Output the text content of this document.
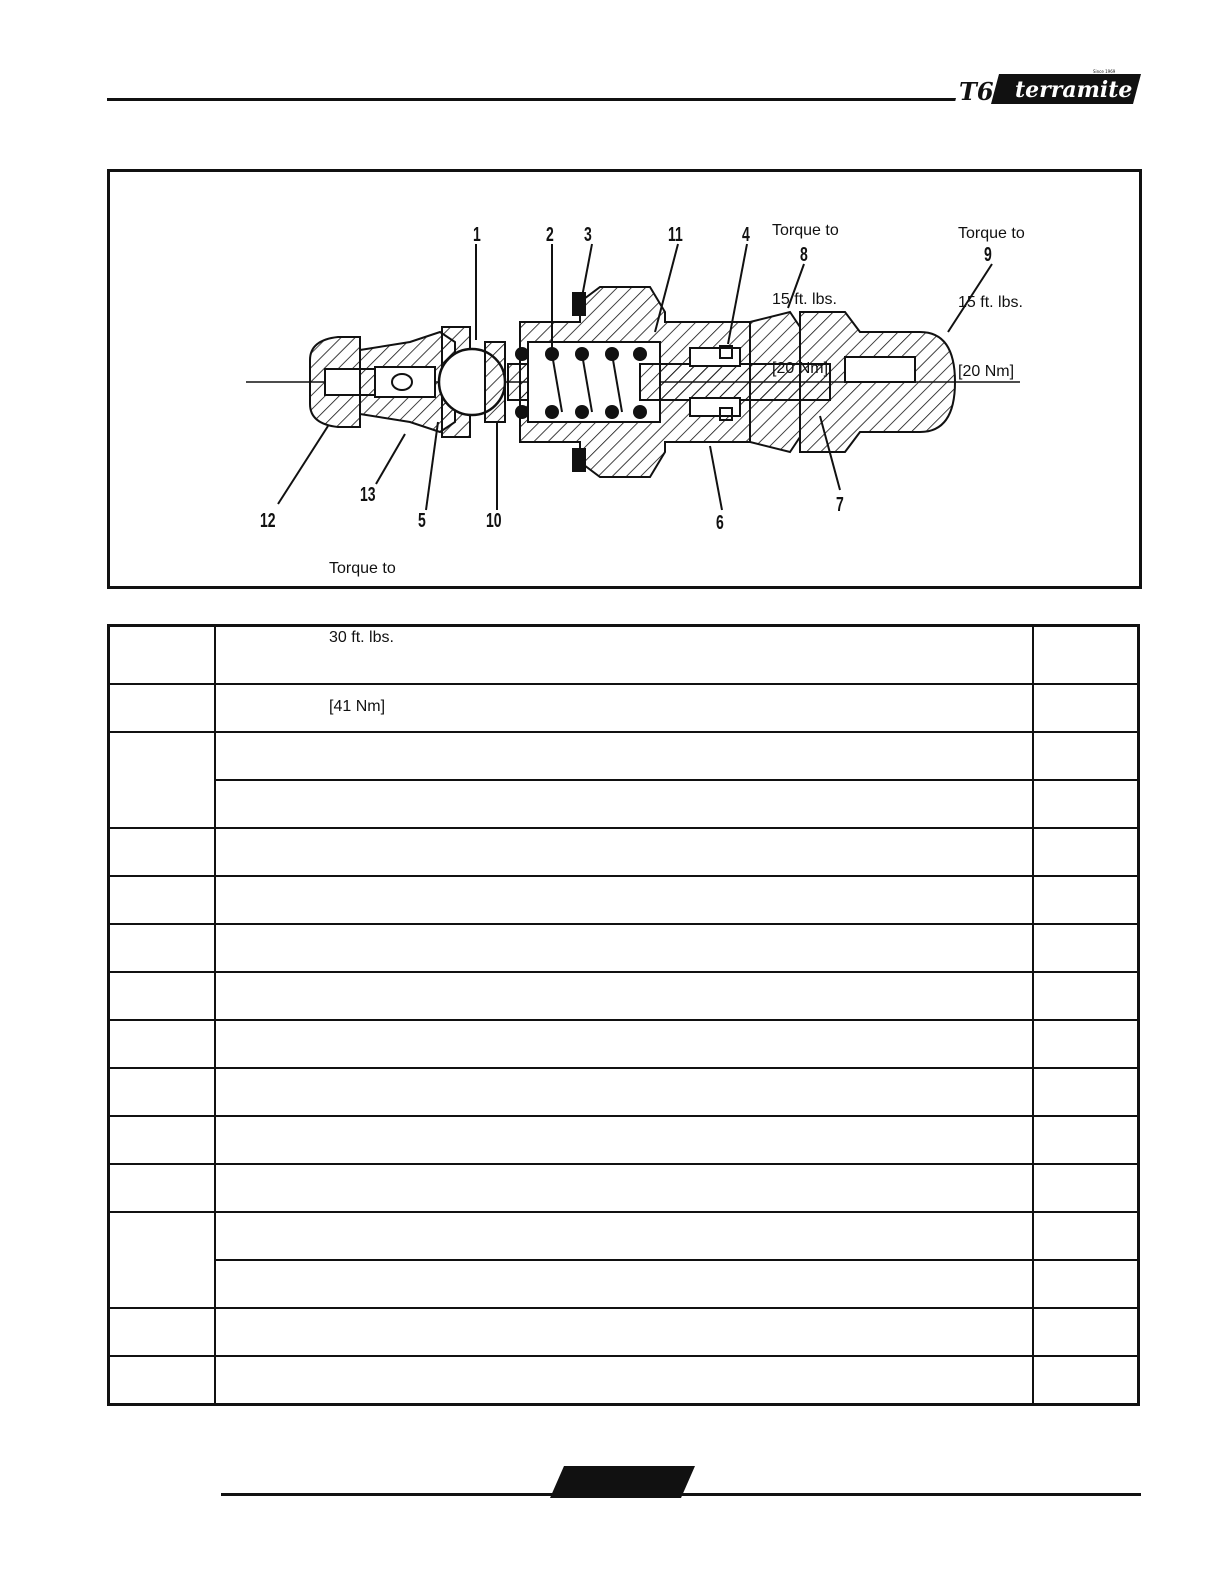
T6 terramite
Since 1969

Torque to

15 ft. lbs.

[20 Nm]

Torque to

15 ft. lbs.

[20 Nm]

Torque to

30 ft. lbs.

[41 Nm]

1	2 3	11	4
8	9
12
13
5	10	6
7
